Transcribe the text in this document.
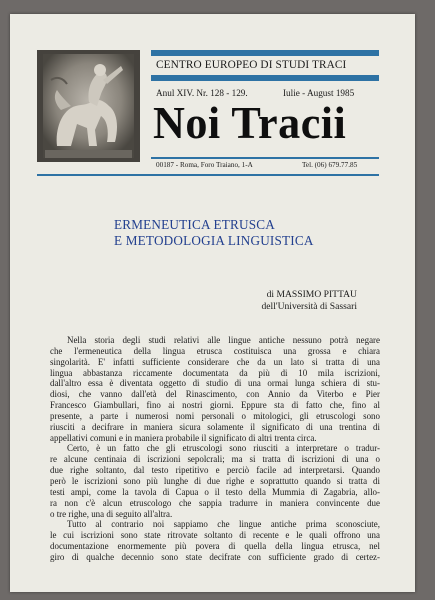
CENTRO EUROPEO DI STUDI TRACI
Anul XIV. Nr. 128 - 129.	Iulie - August 1985
Noi Tracii
00187 - Roma, Foro Traiano, 1-A	Tel. (06) 679.77.85
ERMENEUTICA ETRUSCA
E METODOLOGIA LINGUISTICA
di MASSIMO PITTAU
dell'Università di Sassari

Nella storia degli studi relativi alle lingue antiche nessuno potrà negare
che l'ermeneutica della lingua etrusca costituisca una grossa e chiara
singolarità. E' infatti sufficiente considerare che da un lato si tratta di una
lingua abbastanza riccamente documentata da più di 10 mila iscrizioni,
dall'altro essa è diventata oggetto di studio di una ormai lunga schiera di stu-
diosi, che vanno dall'età del Rinascimento, con Annio da Viterbo e Pier
Francesco Giambullari, fino ai nostri giorni. Eppure sta di fatto che, fino al
presente, a parte i numerosi nomi personali o mitologici, gli etruscologi sono
riusciti a decifrare in maniera sicura solamente il significato di una trentina di
appellativi comuni e in maniera probabile il significato di altri trenta circa.

Certo, è un fatto che gli etruscologi sono riusciti a interpretare o tradur-
re alcune centinaia di iscrizioni sepolcrali; ma si tratta di iscrizioni di una o
due righe soltanto, dal testo ripetitivo e perciò facile ad interpretarsi. Quando
però le iscrizioni sono più lunghe di due righe e soprattutto quando si tratta di
testi ampi, come la tavola di Capua o il testo della Mummia di Zagabria, allo-
ra non c'è alcun etruscologo che sappia tradurre in maniera convincente due
o tre righe, una di seguito all'altra.

Tutto al contrario noi sappiamo che lingue antiche prima sconosciute,
le cui iscrizioni sono state ritrovate soltanto di recente e le quali offrono una
documentazione enormemente più povera di quella della lingua etrusca, nel
giro di qualche decennio sono state decifrate con sufficiente grado di certez-
